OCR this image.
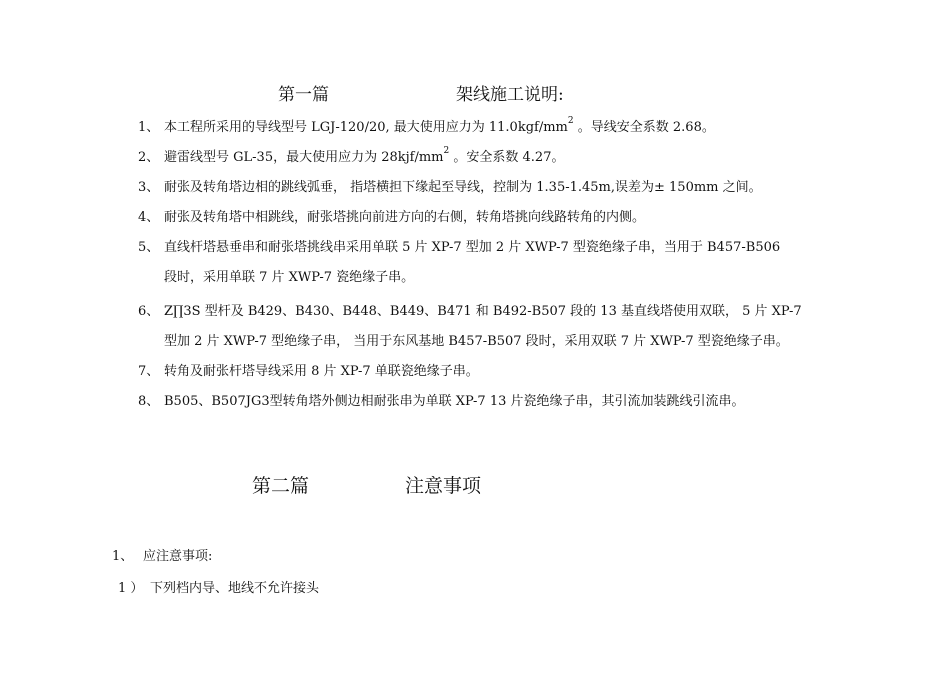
第一篇	架线施工说明:
1、 本工程所采用的导线型号 LGJ-120/20, 最大使用应力为 $11.0kgf/mm^2$ 。导线安全系数 2.68。
2、 避雷线型号 GL-35，最大使用应力为 $28kjf/mm^2$ 。安全系数 4.27。
3、 耐张及转角塔边相的跳线弧垂， 指塔横担下缘起至导线，控制为 1.35-1.45m,误差为± 150mm 之间。
4、 耐张及转角塔中相跳线，耐张塔挑向前进方向的右侧，转角塔挑向线路转角的内侧。
5、 直线杆塔悬垂串和耐张塔挑线串采用单联 5 片 XP-7 型加 2 片 XWP-7 型瓷绝缘子串，当用于 B457-B506
段时，采用单联 7 片 XWP-7 瓷绝缘子串。
6、 Z∏3S 型杆及 B429、B430、B448、B449、B471 和 B492-B507 段的 13 基直线塔使用双联， 5 片 XP-7
型加 2 片 XWP-7 型绝缘子串， 当用于东风基地 B457-B507 段时，采用双联 7 片 XWP-7 型瓷绝缘子串。
7、 转角及耐张杆塔导线采用 8 片 XP-7 单联瓷绝缘子串。
8、 B505、B507JG3型转角塔外侧边相耐张串为单联 XP-7 13 片瓷绝缘子串，其引流加装跳线引流串。
第二篇	注意事项
1、 应注意事项:
1 ） 下列档内导、地线不允许接头
